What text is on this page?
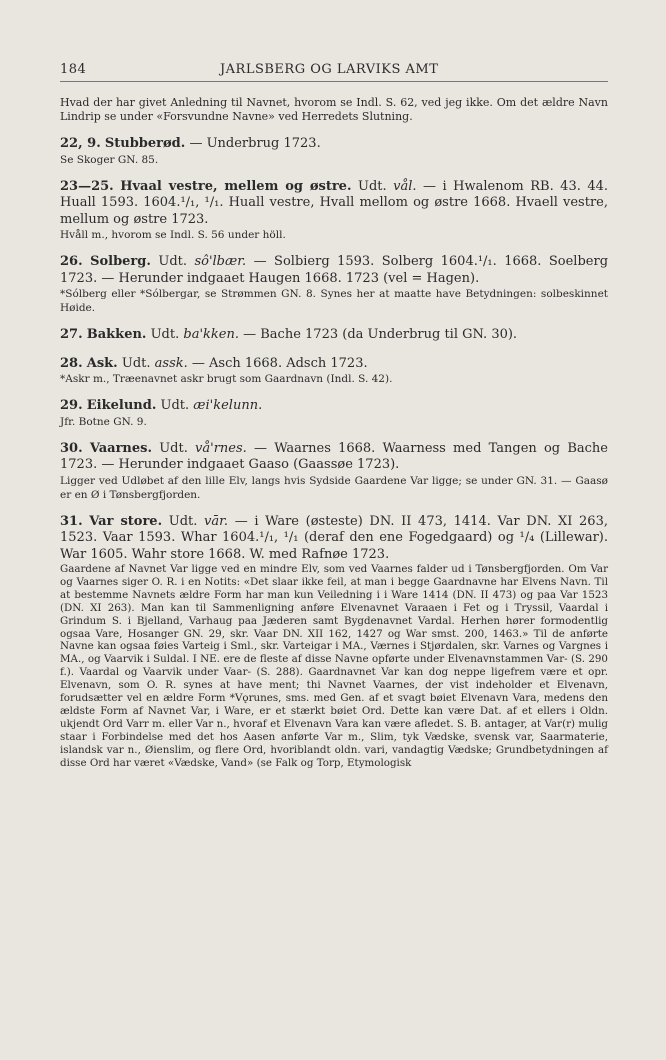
184	JARLSBERG OG LARVIKS AMT

Hvad der har givet Anledning til Navnet, hvorom se Indl. S. 62, ved jeg ikke. Om det ældre Navn Lindrip se under «Forsvundne Navne» ved Herredets Slutning.

22, 9. Stubberød. — Underbrug 1723.

Se Skoger GN. 85.

23—25. Hvaal vestre, mellem og østre. Udt. vål. — i Hwalenom RB. 43. 44. Huall 1593. 1604.¹/₁, ¹/₁. Huall vestre, Hvall mellom og østre 1668. Hvaell vestre, mellum og østre 1723.

Hvåll m., hvorom se Indl. S. 56 under höll.

26. Solberg. Udt. sô'lbær. — Solbierg 1593. Solberg 1604.¹/₁. 1668. Soelberg 1723. — Herunder indgaaet Haugen 1668. 1723 (vel = Hagen).

*Sólberg eller *Sólbergar, se Strømmen GN. 8. Synes her at maatte have Betydningen: solbeskinnet Høide.

27. Bakken. Udt. ba'kken. — Bache 1723 (da Underbrug til GN. 30).

28. Ask. Udt. assk. — Asch 1668. Adsch 1723.

*Askr m., Træenavnet askr brugt som Gaardnavn (Indl. S. 42).

29. Eikelund. Udt. æi'kelunn.

Jfr. Botne GN. 9.

30. Vaarnes. Udt. vå'rnes. — Waarnes 1668. Waarness med Tangen og Bache 1723. — Herunder indgaaet Gaaso (Gaassøe 1723).

Ligger ved Udløbet af den lille Elv, langs hvis Sydside Gaardene Var ligge; se under GN. 31. — Gaasø er en Ø i Tønsbergfjorden.

31. Var store. Udt. vār. — i Ware (østeste) DN. II 473, 1414. Var DN. XI 263, 1523. Vaar 1593. Whar 1604.¹/₁, ¹/₁ (deraf den ene Fogedgaard) og ¹/₄ (Lillewar). War 1605. Wahr store 1668. W. med Rafnøe 1723.

Gaardene af Navnet Var ligge ved en mindre Elv, som ved Vaarnes falder ud i Tønsbergfjorden. Om Var og Vaarnes siger O. R. i en Notits: «Det slaar ikke feil, at man i begge Gaardnavne har Elvens Navn. Til at bestemme Navnets ældre Form har man kun Veiledning i i Ware 1414 (DN. II 473) og paa Var 1523 (DN. XI 263). Man kan til Sammenligning anføre Elvenavnet Varaaen i Fet og i Tryssil, Vaardal i Grindum S. i Bjelland, Varhaug paa Jæderen samt Bygdenavnet Vardal. Herhen hører formodentlig ogsaa Vare, Hosanger GN. 29, skr. Vaar DN. XII 162, 1427 og War smst. 200, 1463.» Til de anførte Navne kan ogsaa føies Varteig i Sml., skr. Varteigar i MA., Værnes i Stjørdalen, skr. Varnes og Vargnes i MA., og Vaarvik i Suldal. I NE. ere de fleste af disse Navne opførte under Elvenavnstammen Var- (S. 290 f.). Vaardal og Vaarvik under Vaar- (S. 288). Gaardnavnet Var kan dog neppe ligefrem være et opr. Elvenavn, som O. R. synes at have ment; thi Navnet Vaarnes, der vist indeholder et Elvenavn, forudsætter vel en ældre Form *Vǫrunes, sms. med Gen. af et svagt bøiet Elvenavn Vara, medens den ældste Form af Navnet Var, i Ware, er et stærkt bøiet Ord. Dette kan være Dat. af et ellers i Oldn. ukjendt Ord Varr m. eller Var n., hvoraf et Elvenavn Vara kan være afledet. S. B. antager, at Var(r) mulig staar i Forbindelse med det hos Aasen anførte Var m., Slim, tyk Vædske, svensk var, Saarmaterie, islandsk var n., Øienslim, og flere Ord, hvoriblandt oldn. vari, vandagtig Vædske; Grundbetydningen af disse Ord har været «Vædske, Vand» (se Falk og Torp, Etymologisk
